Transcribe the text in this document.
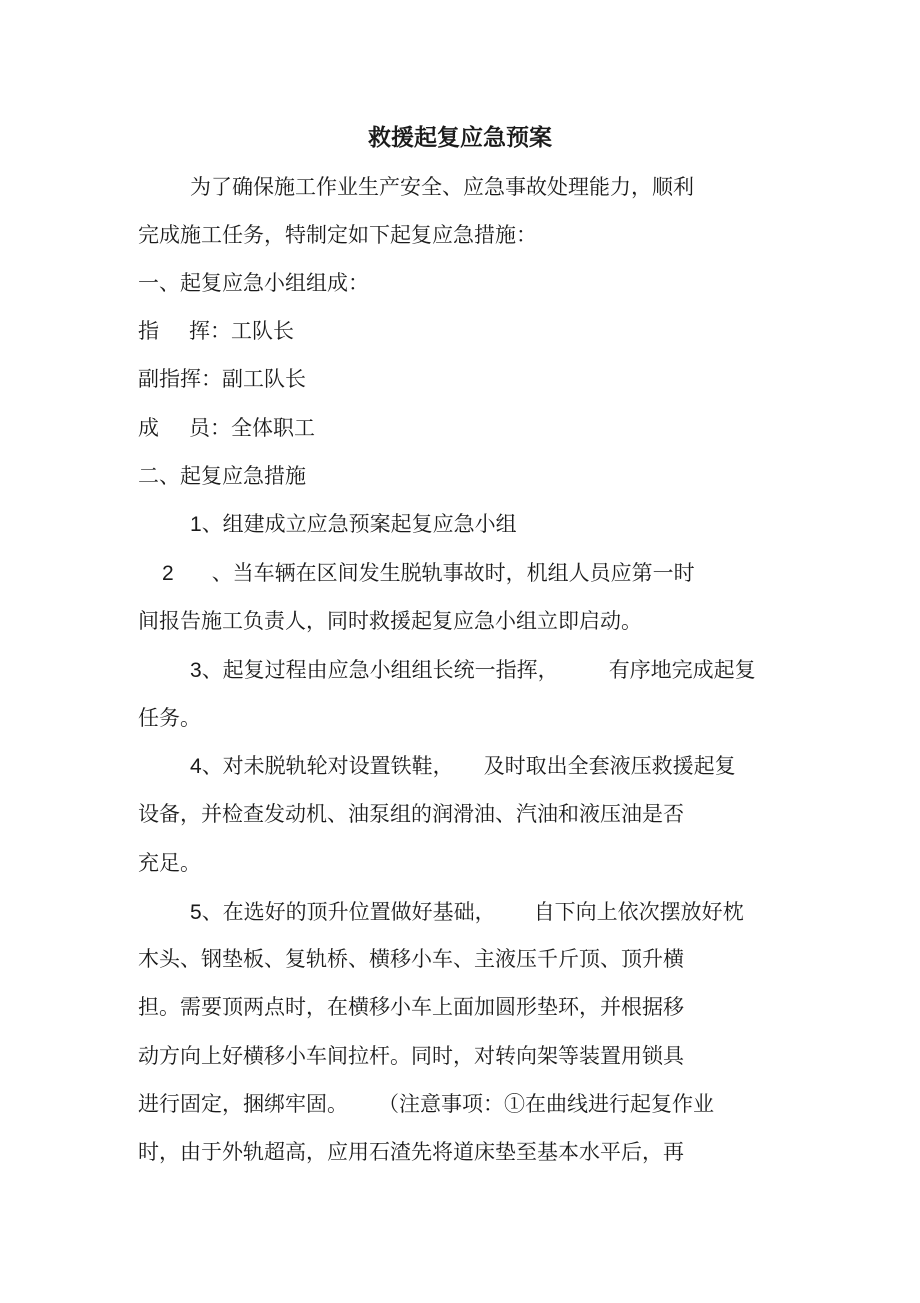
救援起复应急预案

为了确保施工作业生产安全、应急事故处理能力，顺利

完成施工任务，特制定如下起复应急措施：

一、起复应急小组组成：

指 挥：工队长

副指挥：副工队长

成 员：全体职工

二、起复应急措施

1、组建成立应急预案起复应急小组

2 、当车辆在区间发生脱轨事故时，机组人员应第一时

间报告施工负责人，同时救援起复应急小组立即启动。

3、起复过程由应急小组组长统一指挥， 有序地完成起复

任务。

4、对未脱轨轮对设置铁鞋， 及时取出全套液压救援起复

设备，并检查发动机、油泵组的润滑油、汽油和液压油是否

充足。

5、在选好的顶升位置做好基础， 自下向上依次摆放好枕

木头、钢垫板、复轨桥、横移小车、主液压千斤顶、顶升横

担。需要顶两点时，在横移小车上面加圆形垫环，并根据移

动方向上好横移小车间拉杆。同时，对转向架等装置用锁具

进行固定，捆绑牢固。 （注意事项：①在曲线进行起复作业

时，由于外轨超高，应用石渣先将道床垫至基本水平后，再
